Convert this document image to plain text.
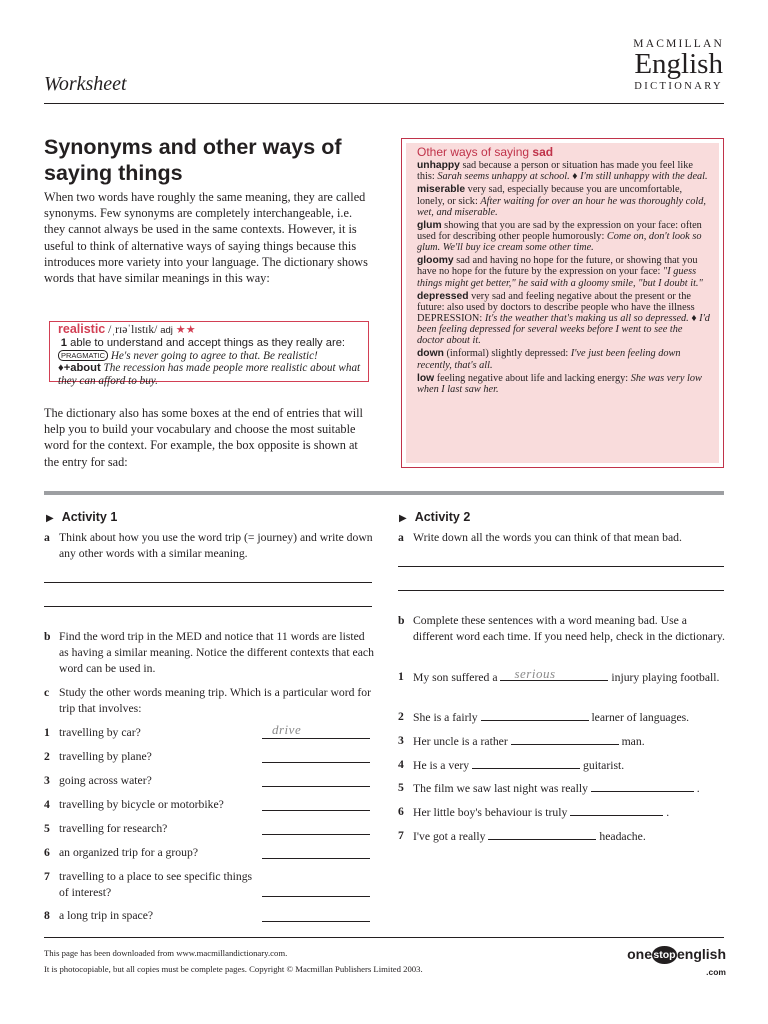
Worksheet
MACMILLAN
English
DICTIONARY
Synonyms and other ways of saying things
When two words have roughly the same meaning, they are called synonyms. Few synonyms are completely interchangeable, i.e. they cannot always be used in the same contexts. However, it is useful to think of alternative ways of saying things because this introduces more variety into your language. The dictionary shows words that have similar meanings in this way:
realistic /ˌrɪəˈlɪstɪk/ adj ★★
1 able to understand and accept things as they really are: PRAGMATIC He's never going to agree to that. Be realistic! ♦+about The recession has made people more realistic about what they can afford to buy.
The dictionary also has some boxes at the end of entries that will help you to build your vocabulary and choose the most suitable word for the context. For example, the box opposite is shown at the entry for sad:
Other ways of saying sad
unhappy sad because a person or situation has made you feel like this: Sarah seems unhappy at school. ♦ I'm still unhappy with the deal.
miserable very sad, especially because you are uncomfortable, lonely, or sick: After waiting for over an hour he was thoroughly cold, wet, and miserable.
glum showing that you are sad by the expression on your face: often used for describing other people humorously: Come on, don't look so glum. We'll buy ice cream some other time.
gloomy sad and having no hope for the future, or showing that you have no hope for the future by the expression on your face: "I guess things might get better," he said with a gloomy smile, "but I doubt it."
depressed very sad and feeling negative about the present or the future: also used by doctors to describe people who have the illness DEPRESSION: It's the weather that's making us all so depressed. ♦ I'd been feeling depressed for several weeks before I went to see the doctor about it.
down (informal) slightly depressed: I've just been feeling down recently, that's all.
low feeling negative about life and lacking energy: She was very low when I last saw her.
▶ Activity 1
a Think about how you use the word trip (= journey) and write down any other words with a similar meaning.
b Find the word trip in the MED and notice that 11 words are listed as having a similar meaning. Notice the different contexts that each word can be used in.
c Study the other words meaning trip. Which is a particular word for trip that involves:
1 travelling by car?	drive
2 travelling by plane?
3 going across water?
4 travelling by bicycle or motorbike?
5 travelling for research?
6 an organized trip for a group?
7 travelling to a place to see specific things of interest?
8 a long trip in space?
▶ Activity 2
a Write down all the words you can think of that mean bad.
b Complete these sentences with a word meaning bad. Use a different word each time. If you need help, check in the dictionary.
1 My son suffered a serious	injury playing football.
2 She is a fairly	learner of languages.
3 Her uncle is a rather	man.
4 He is a very	guitarist.
5 The film we saw last night was really	.
6 Her little boy's behaviour is truly	.
7 I've got a really	headache.
This page has been downloaded from www.macmillandictionary.com.
It is photocopiable, but all copies must be complete pages. Copyright © Macmillan Publishers Limited 2003.
onestopenglish
.com
